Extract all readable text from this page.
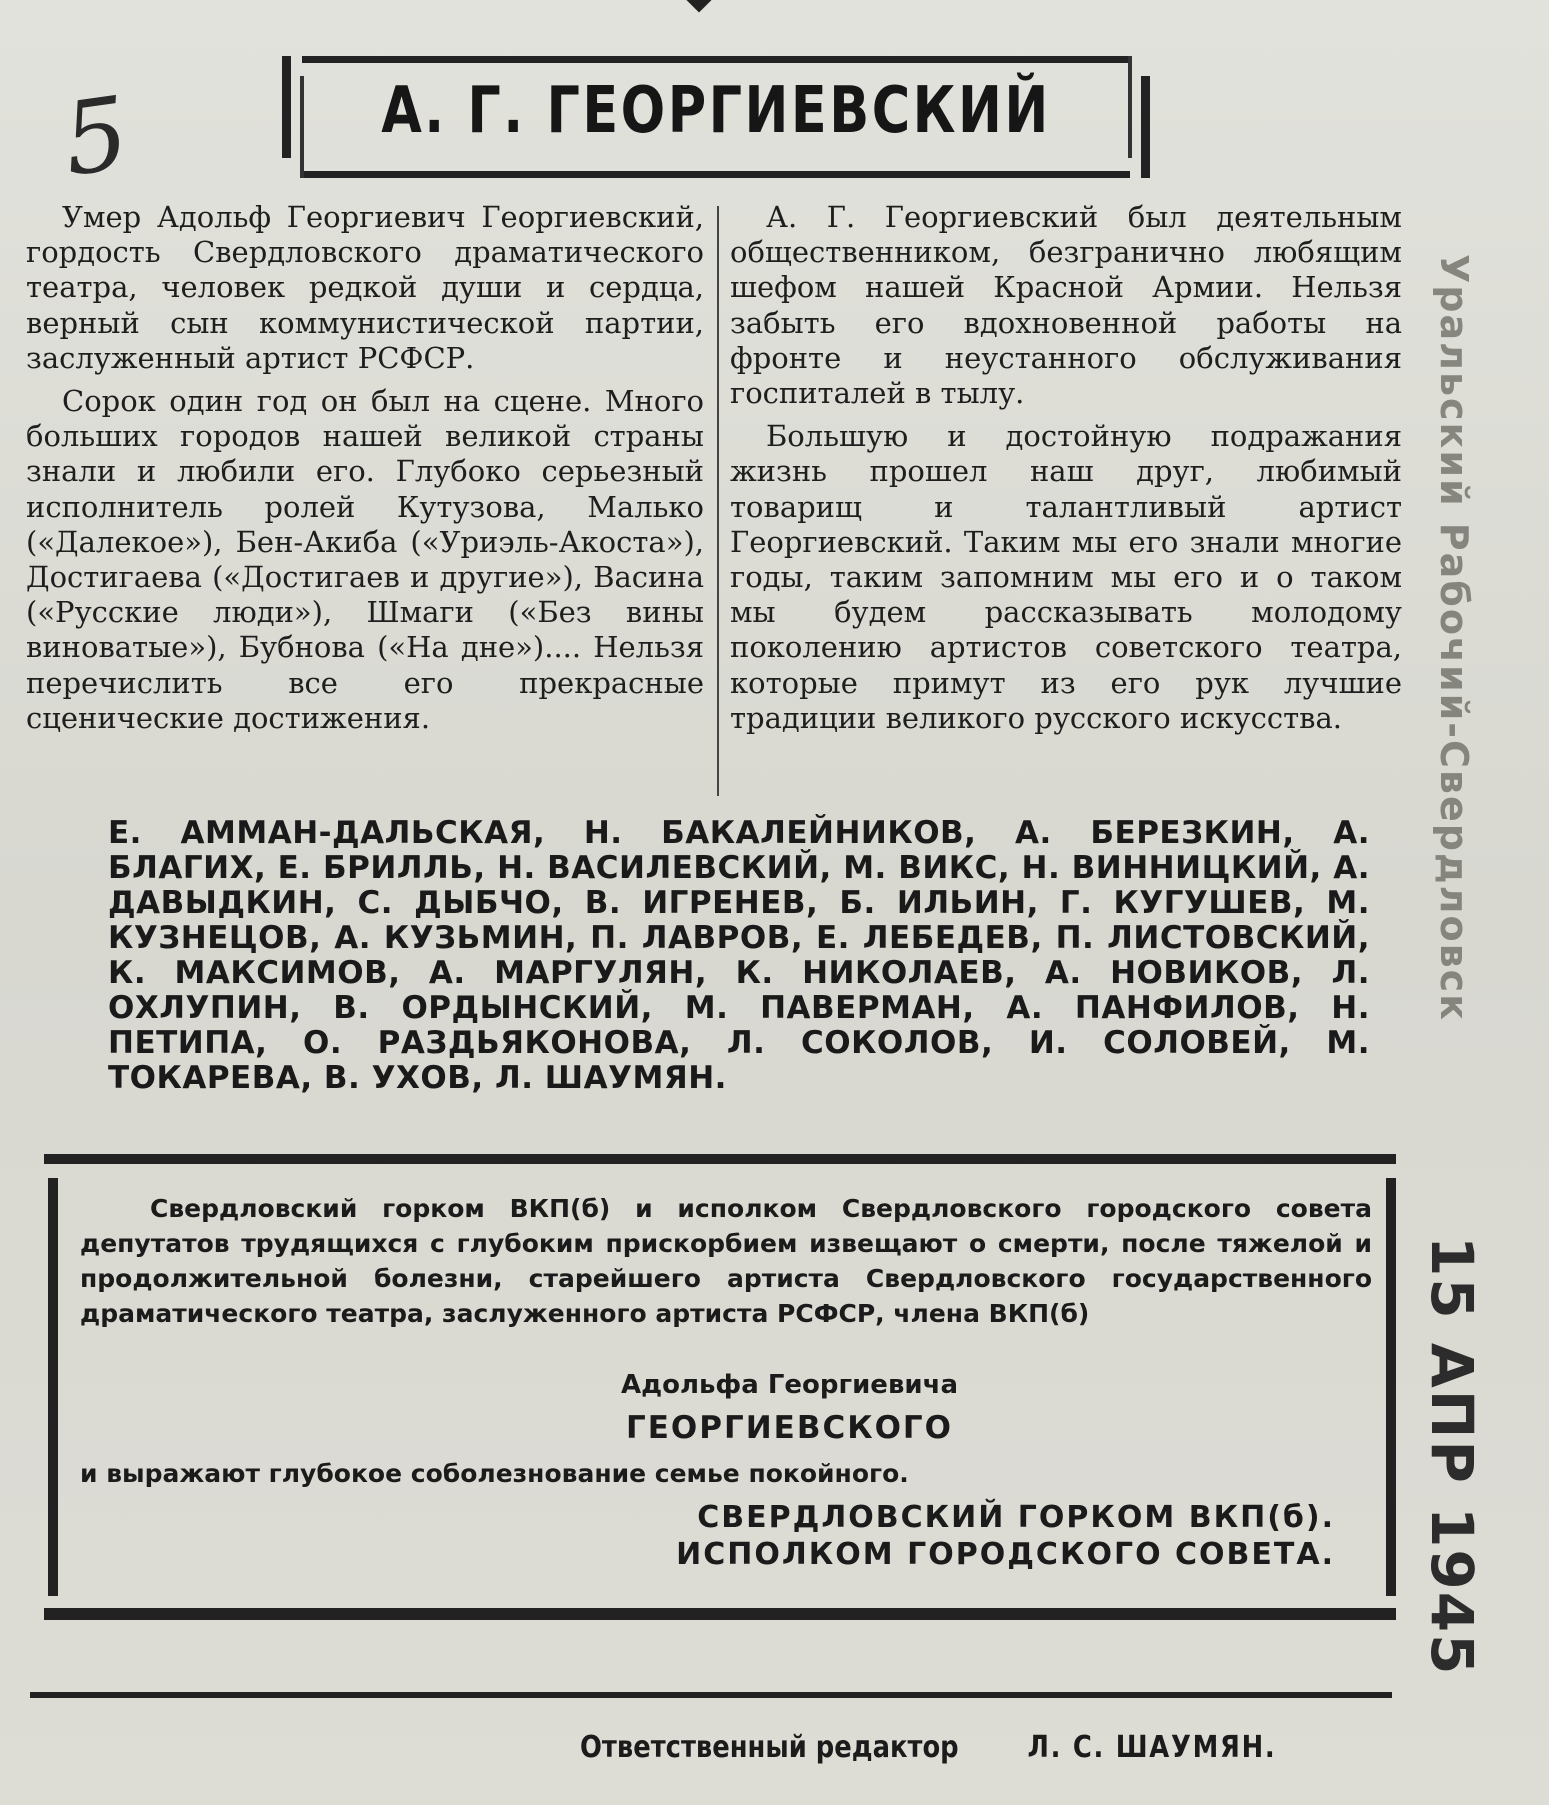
5	А. Г. ГЕОРГИЕВСКИЙ

Умер Адольф Георгиевич Георгиевский, гордость Свердловского драматического театра, человек редкой души и сердца, верный сын коммунистической партии, заслуженный артист РСФСР.

Сорок один год он был на сцене. Много больших городов нашей великой страны знали и любили его. Глубоко серьезный исполнитель ролей Кутузова, Малько («Далекое»), Бен-Акиба («Уриэль-Акоста»), Достигаева («Достигаев и другие»), Васина («Русские люди»), Шмаги («Без вины виноватые»), Бубнова («На дне»).... Нельзя перечислить все его прекрасные сценические достижения.

А. Г. Георгиевский был деятельным общественником, безгранично любящим шефом нашей Красной Армии. Нельзя забыть его вдохновенной работы на фронте и неустанного обслуживания госпиталей в тылу.

Большую и достойную подражания жизнь прошел наш друг, любимый товарищ и талантливый артист Георгиевский. Таким мы его знали многие годы, таким запомним мы его и о таком мы будем рассказывать молодому поколению артистов советского театра, которые примут из его рук лучшие традиции великого русского искусства.

Е. АММАН-ДАЛЬСКАЯ, Н. БАКАЛЕЙНИКОВ, А. БЕРЕЗКИН, А. БЛАГИХ, Е. БРИЛЛЬ, Н. ВАСИЛЕВСКИЙ, М. ВИКС, Н. ВИННИЦКИЙ, А. ДАВЫДКИН, С. ДЫБЧО, В. ИГРЕНЕВ, Б. ИЛЬИН, Г. КУГУШЕВ, М. КУЗНЕЦОВ, А. КУЗЬМИН, П. ЛАВРОВ, Е. ЛЕБЕДЕВ, П. ЛИСТОВСКИЙ, К. МАКСИМОВ, А. МАРГУЛЯН, К. НИКОЛАЕВ, А. НОВИКОВ, Л. ОХЛУПИН, В. ОРДЫНСКИЙ, М. ПАВЕРМАН, А. ПАНФИЛОВ, Н. ПЕТИПА, О. РАЗДЬЯКОНОВА, Л. СОКОЛОВ, И. СОЛОВЕЙ, М. ТОКАРЕВА, В. УХОВ, Л. ШАУМЯН.
Свердловский горком ВКП(б) и исполком Свердловского городского совета депутатов трудящихся с глубоким прискорбием извещают о смерти, после тяжелой и продолжительной болезни, старейшего артиста Свердловского государственного драматического театра, заслуженного артиста РСФСР, члена ВКП(б)
Адольфа Георгиевича
ГЕОРГИЕВСКОГО
и выражают глубокое соболезнование семье покойного.
СВЕРДЛОВСКИЙ ГОРКОМ ВКП(б).
ИСПОЛКОМ ГОРОДСКОГО СОВЕТА.
Ответственный редактор Л. С. ШАУМЯН.
Уральский Рабочий-Свердловск
15 АПР 1945
